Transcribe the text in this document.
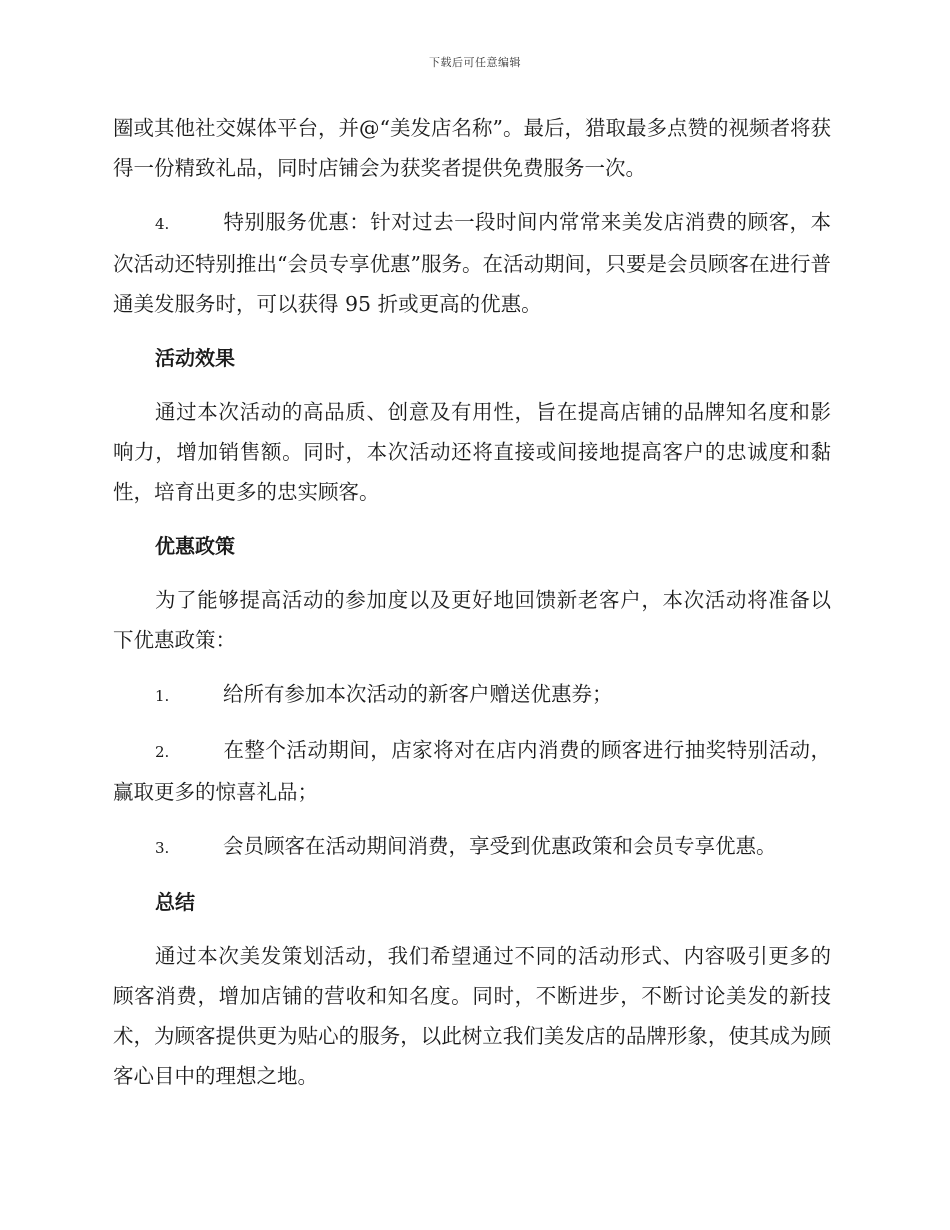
下载后可任意编辑

圈或其他社交媒体平台，并@“美发店名称”。最后，猎取最多点赞的视频者将获得一份精致礼品，同时店铺会为获奖者提供免费服务一次。

4.	特别服务优惠：针对过去一段时间内常常来美发店消费的顾客，本次活动还特别推出“会员专享优惠”服务。在活动期间，只要是会员顾客在进行普通美发服务时，可以获得 95 折或更高的优惠。

活动效果

通过本次活动的高品质、创意及有用性，旨在提高店铺的品牌知名度和影响力，增加销售额。同时，本次活动还将直接或间接地提高客户的忠诚度和黏性，培育出更多的忠实顾客。

优惠政策

为了能够提高活动的参加度以及更好地回馈新老客户，本次活动将准备以下优惠政策：

1.	给所有参加本次活动的新客户赠送优惠券；

2.	在整个活动期间，店家将对在店内消费的顾客进行抽奖特别活动，赢取更多的惊喜礼品；

3.	会员顾客在活动期间消费，享受到优惠政策和会员专享优惠。

总结

通过本次美发策划活动，我们希望通过不同的活动形式、内容吸引更多的顾客消费，增加店铺的营收和知名度。同时，不断进步，不断讨论美发的新技术，为顾客提供更为贴心的服务，以此树立我们美发店的品牌形象，使其成为顾客心目中的理想之地。
